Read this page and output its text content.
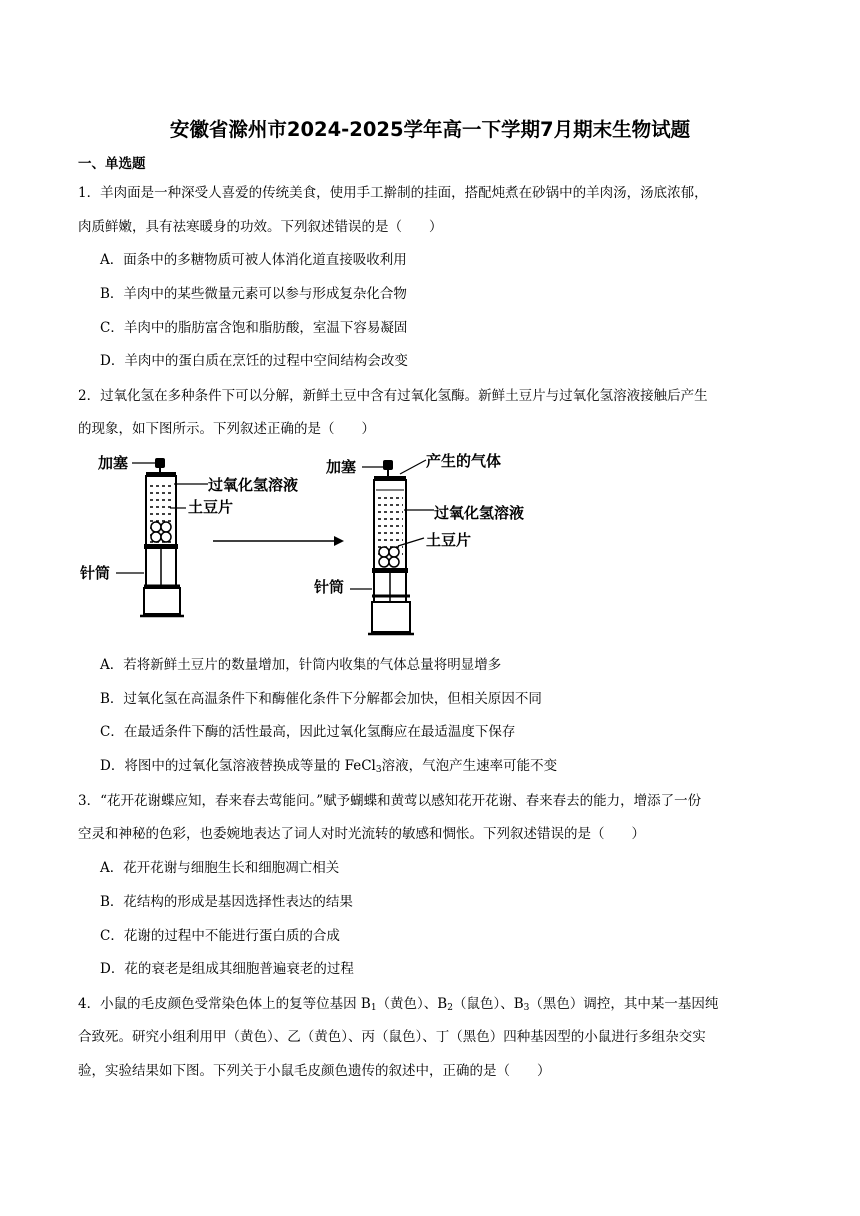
安徽省滁州市2024-2025学年高一下学期7月期末生物试题
一、单选题
1．羊肉面是一种深受人喜爱的传统美食，使用手工擀制的挂面，搭配炖煮在砂锅中的羊肉汤，汤底浓郁，
肉质鲜嫩，具有祛寒暖身的功效。下列叙述错误的是（　　）
A．面条中的多糖物质可被人体消化道直接吸收利用
B．羊肉中的某些微量元素可以参与形成复杂化合物
C．羊肉中的脂肪富含饱和脂肪酸，室温下容易凝固
D．羊肉中的蛋白质在烹饪的过程中空间结构会改变
2．过氧化氢在多种条件下可以分解，新鲜土豆中含有过氧化氢酶。新鲜土豆片与过氧化氢溶液接触后产生
的现象，如下图所示。下列叙述正确的是（　　）
加塞
过氧化氢溶液
土豆片
针筒
加塞	产生的气体
过氧化氢溶液
土豆片
针筒
A．若将新鲜土豆片的数量增加，针筒内收集的气体总量将明显增多
B．过氧化氢在高温条件下和酶催化条件下分解都会加快，但相关原因不同
C．在最适条件下酶的活性最高，因此过氧化氢酶应在最适温度下保存
D．将图中的过氧化氢溶液替换成等量的 FeCl$_3$溶液，气泡产生速率可能不变
3．“花开花谢蝶应知，春来春去莺能问。”赋予蝴蝶和黄莺以感知花开花谢、春来春去的能力，增添了一份
空灵和神秘的色彩，也委婉地表达了词人对时光流转的敏感和惆怅。下列叙述错误的是（　　）
A．花开花谢与细胞生长和细胞凋亡相关
B．花结构的形成是基因选择性表达的结果
C．花谢的过程中不能进行蛋白质的合成
D．花的衰老是组成其细胞普遍衰老的过程
4．小鼠的毛皮颜色受常染色体上的复等位基因 $B_1$（黄色）、$B_2$（鼠色）、$B_3$（黑色）调控，其中某一基因纯
合致死。研究小组利用甲（黄色）、乙（黄色）、丙（鼠色）、丁（黑色）四种基因型的小鼠进行多组杂交实
验，实验结果如下图。下列关于小鼠毛皮颜色遗传的叙述中，正确的是（　　）
